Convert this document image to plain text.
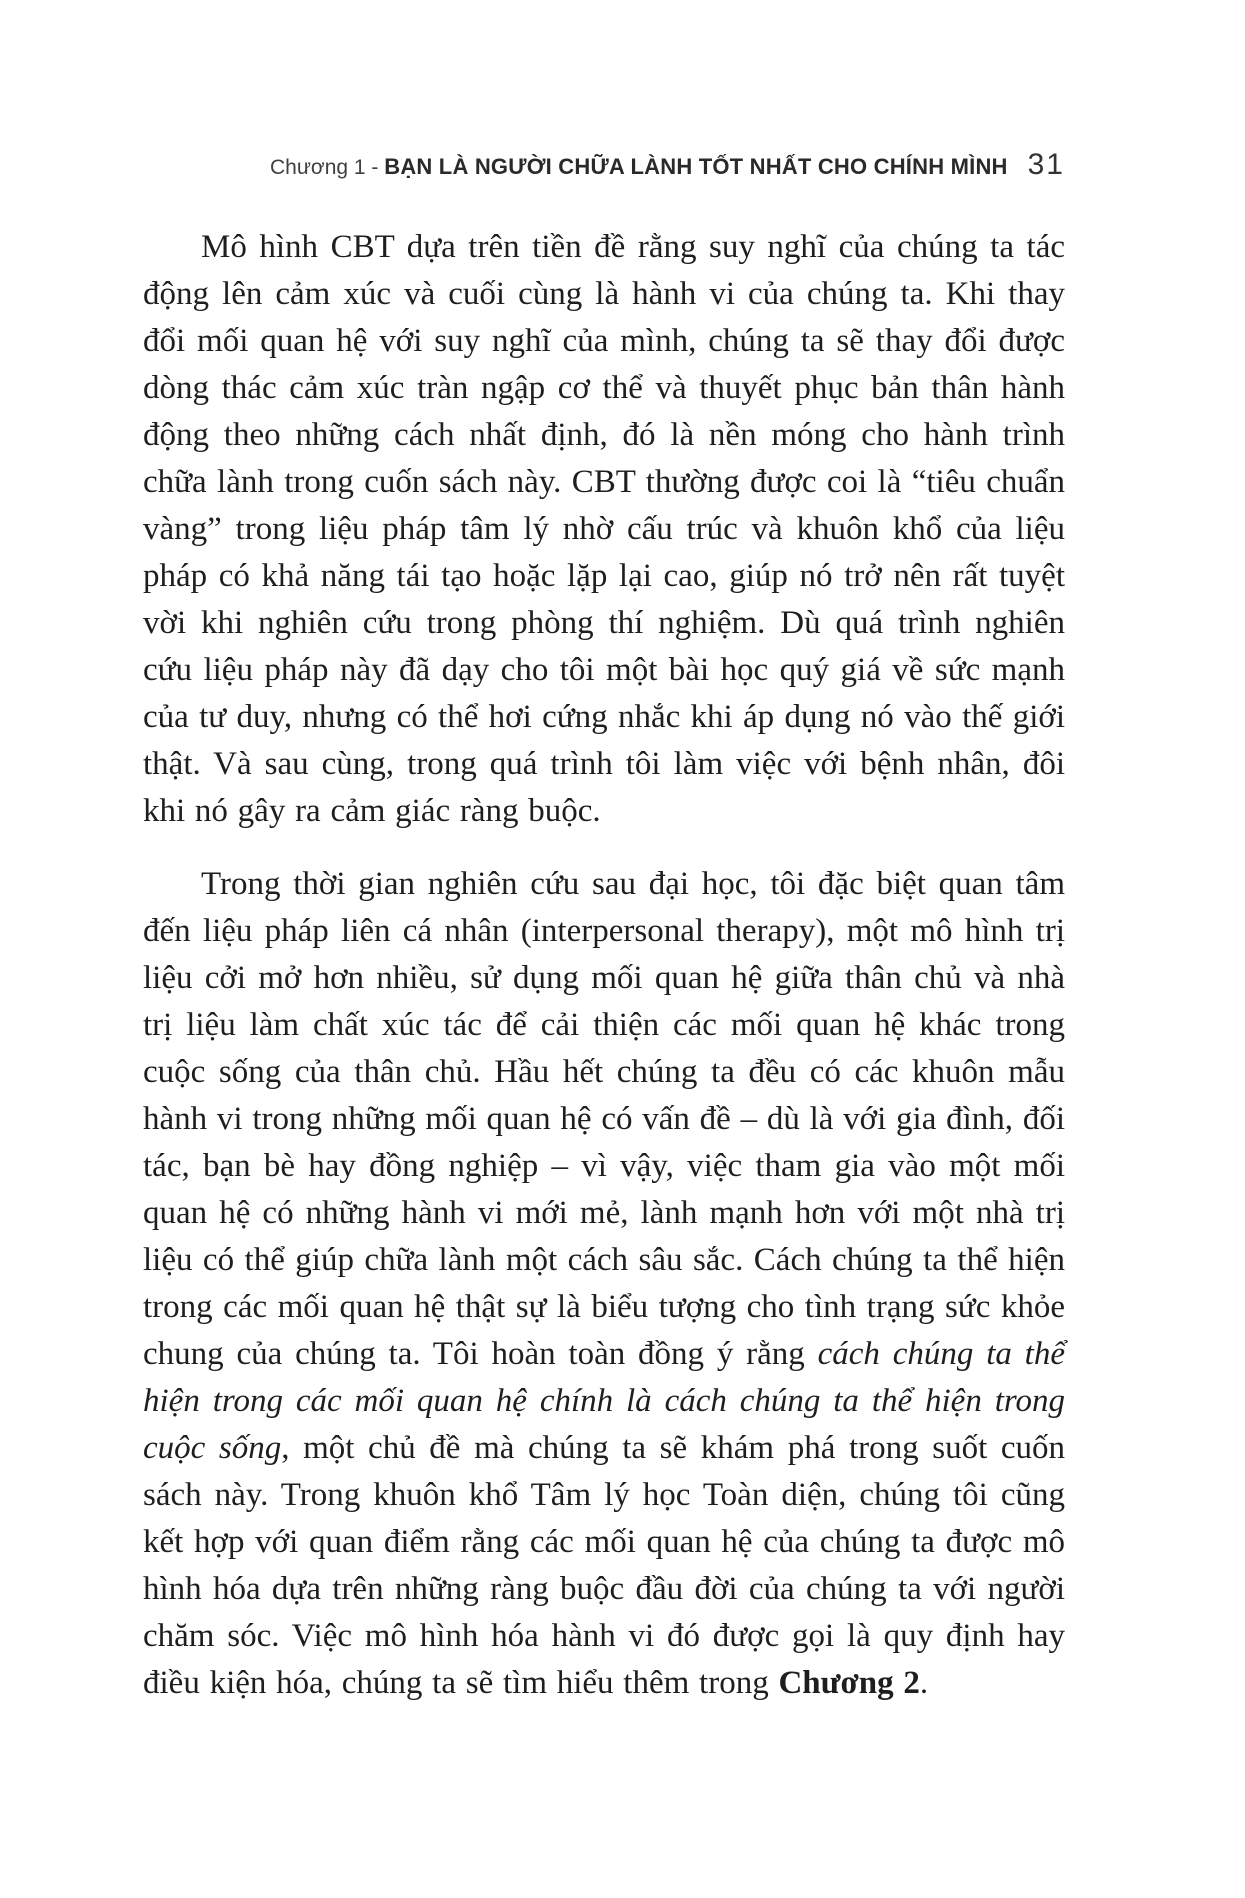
Chương 1 - BẠN LÀ NGƯỜI CHỮA LÀNH TỐT NHẤT CHO CHÍNH MÌNH 31

Mô hình CBT dựa trên tiền đề rằng suy nghĩ của chúng ta tác động lên cảm xúc và cuối cùng là hành vi của chúng ta. Khi thay đổi mối quan hệ với suy nghĩ của mình, chúng ta sẽ thay đổi được dòng thác cảm xúc tràn ngập cơ thể và thuyết phục bản thân hành động theo những cách nhất định, đó là nền móng cho hành trình chữa lành trong cuốn sách này. CBT thường được coi là “tiêu chuẩn vàng” trong liệu pháp tâm lý nhờ cấu trúc và khuôn khổ của liệu pháp có khả năng tái tạo hoặc lặp lại cao, giúp nó trở nên rất tuyệt vời khi nghiên cứu trong phòng thí nghiệm. Dù quá trình nghiên cứu liệu pháp này đã dạy cho tôi một bài học quý giá về sức mạnh của tư duy, nhưng có thể hơi cứng nhắc khi áp dụng nó vào thế giới thật. Và sau cùng, trong quá trình tôi làm việc với bệnh nhân, đôi khi nó gây ra cảm giác ràng buộc.

Trong thời gian nghiên cứu sau đại học, tôi đặc biệt quan tâm đến liệu pháp liên cá nhân (interpersonal therapy), một mô hình trị liệu cởi mở hơn nhiều, sử dụng mối quan hệ giữa thân chủ và nhà trị liệu làm chất xúc tác để cải thiện các mối quan hệ khác trong cuộc sống của thân chủ. Hầu hết chúng ta đều có các khuôn mẫu hành vi trong những mối quan hệ có vấn đề – dù là với gia đình, đối tác, bạn bè hay đồng nghiệp – vì vậy, việc tham gia vào một mối quan hệ có những hành vi mới mẻ, lành mạnh hơn với một nhà trị liệu có thể giúp chữa lành một cách sâu sắc. Cách chúng ta thể hiện trong các mối quan hệ thật sự là biểu tượng cho tình trạng sức khỏe chung của chúng ta. Tôi hoàn toàn đồng ý rằng cách chúng ta thể hiện trong các mối quan hệ chính là cách chúng ta thể hiện trong cuộc sống, một chủ đề mà chúng ta sẽ khám phá trong suốt cuốn sách này. Trong khuôn khổ Tâm lý học Toàn diện, chúng tôi cũng kết hợp với quan điểm rằng các mối quan hệ của chúng ta được mô hình hóa dựa trên những ràng buộc đầu đời của chúng ta với người chăm sóc. Việc mô hình hóa hành vi đó được gọi là quy định hay điều kiện hóa, chúng ta sẽ tìm hiểu thêm trong Chương 2.
